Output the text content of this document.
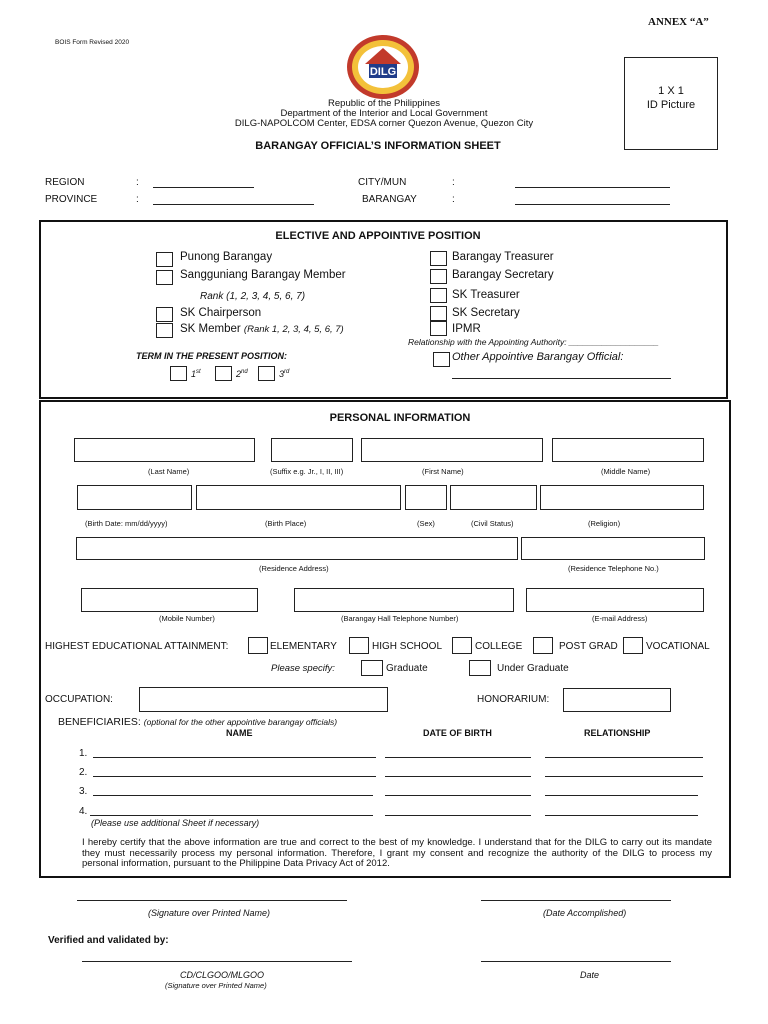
BOIS Form Revised 2020
ANNEX “A”
DILG
Republic of the Philippines
Department of the Interior and Local Government
DILG-NAPOLCOM Center, EDSA corner Quezon Avenue, Quezon City
1 X 1
ID Picture
BARANGAY OFFICIAL’S INFORMATION SHEET
REGION	:
PROVINCE	:
CITY/MUN	:
BARANGAY	:
ELECTIVE AND APPOINTIVE POSITION
Punong Barangay
Sangguniang Barangay Member
Rank (1, 2, 3, 4, 5, 6, 7)
SK Chairperson
SK Member (Rank 1, 2, 3, 4, 5, 6, 7)
Barangay Treasurer
Barangay Secretary
SK Treasurer
SK Secretary
IPMR
Relationship with the Appointing Authority: ___________________
Other Appointive Barangay Official:
TERM IN THE PRESENT POSITION:
1st	2nd	3rd
PERSONAL INFORMATION
(Last Name)	(Suffix e.g. Jr., I, II, III)	(First Name)	(Middle Name)
(Birth Date: mm/dd/yyyy)	(Birth Place)	(Sex)	(Civil Status)	(Religion)
(Residence Address)	(Residence Telephone No.)
(Mobile Number)	(Barangay Hall Telephone Number)	(E-mail Address)
HIGHEST EDUCATIONAL ATTAINMENT:	ELEMENTARY	HIGH SCHOOL	COLLEGE	POST GRAD	VOCATIONAL
Please specify:	Graduate	Under Graduate
OCCUPATION:	HONORARIUM:
BENEFICIARIES: (optional for the other appointive barangay officials)
NAME	DATE OF BIRTH	RELATIONSHIP
1.
2.
3.
4.
(Please use additional Sheet if necessary)
I hereby certify that the above information are true and correct to the best of my knowledge. I understand that for the DILG to carry out its mandate they must necessarily process my personal information. Therefore, I grant my consent and recognize the authority of the DILG to process my personal information, pursuant to the Philippine Data Privacy Act of 2012.
(Signature over Printed Name)	(Date Accomplished)
Verified and validated by:
CD/CLGOO/MLGOO
(Signature over Printed Name)
Date
